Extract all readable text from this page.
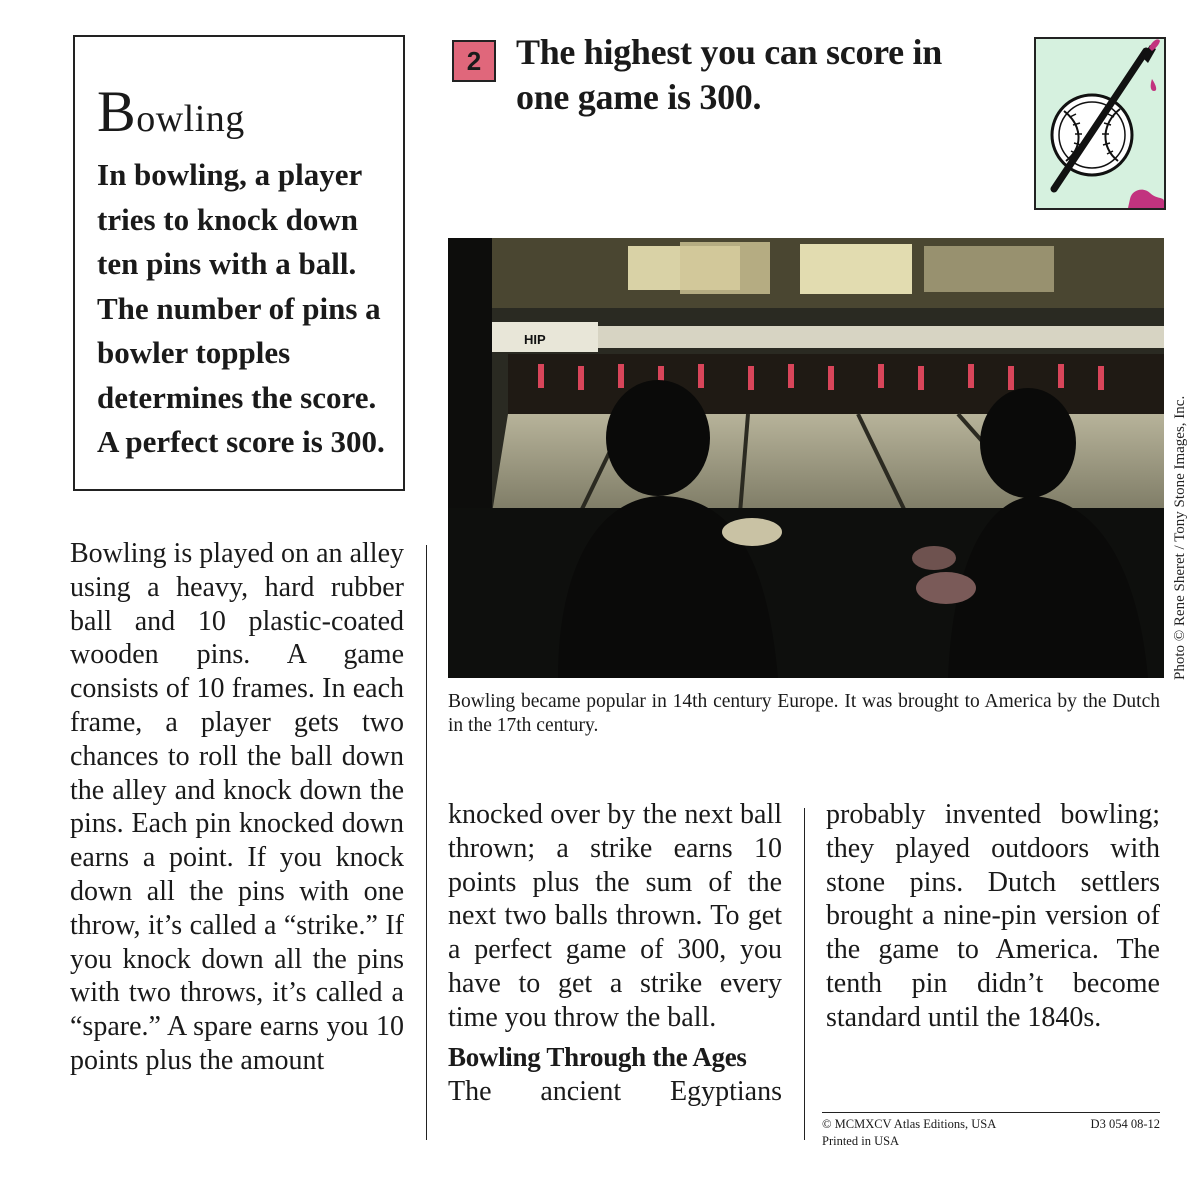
Bowling
In bowling, a player tries to knock down ten pins with a ball. The number of pins a bowler topples determines the score. A perfect score is 300.
2 The highest you can score in one game is 300.
HIP
Photo © Rene Sheret / Tony Stone Images, Inc.
Bowling became popular in 14th century Europe. It was brought to America by the Dutch in the 17th century.
Bowling is played on an alley using a heavy, hard rubber ball and 10 plastic-coated wooden pins. A game consists of 10 frames. In each frame, a player gets two chances to roll the ball down the alley and knock down the pins. Each pin knocked down earns a point. If you knock down all the pins with one throw, it’s called a “strike.” If you knock down all the pins with two throws, it’s called a “spare.” A spare earns you 10 points plus the amount
knocked over by the next ball thrown; a strike earns 10 points plus the sum of the next two balls thrown. To get a perfect game of 300, you have to get a strike every time you throw the ball.
Bowling Through the Ages
The ancient Egyptians
probably invented bowling; they played outdoors with stone pins. Dutch settlers brought a nine-pin version of the game to America. The tenth pin didn’t become standard until the 1840s.
© MCMXCV Atlas Editions, USA	D3 054 08-12
Printed in USA
